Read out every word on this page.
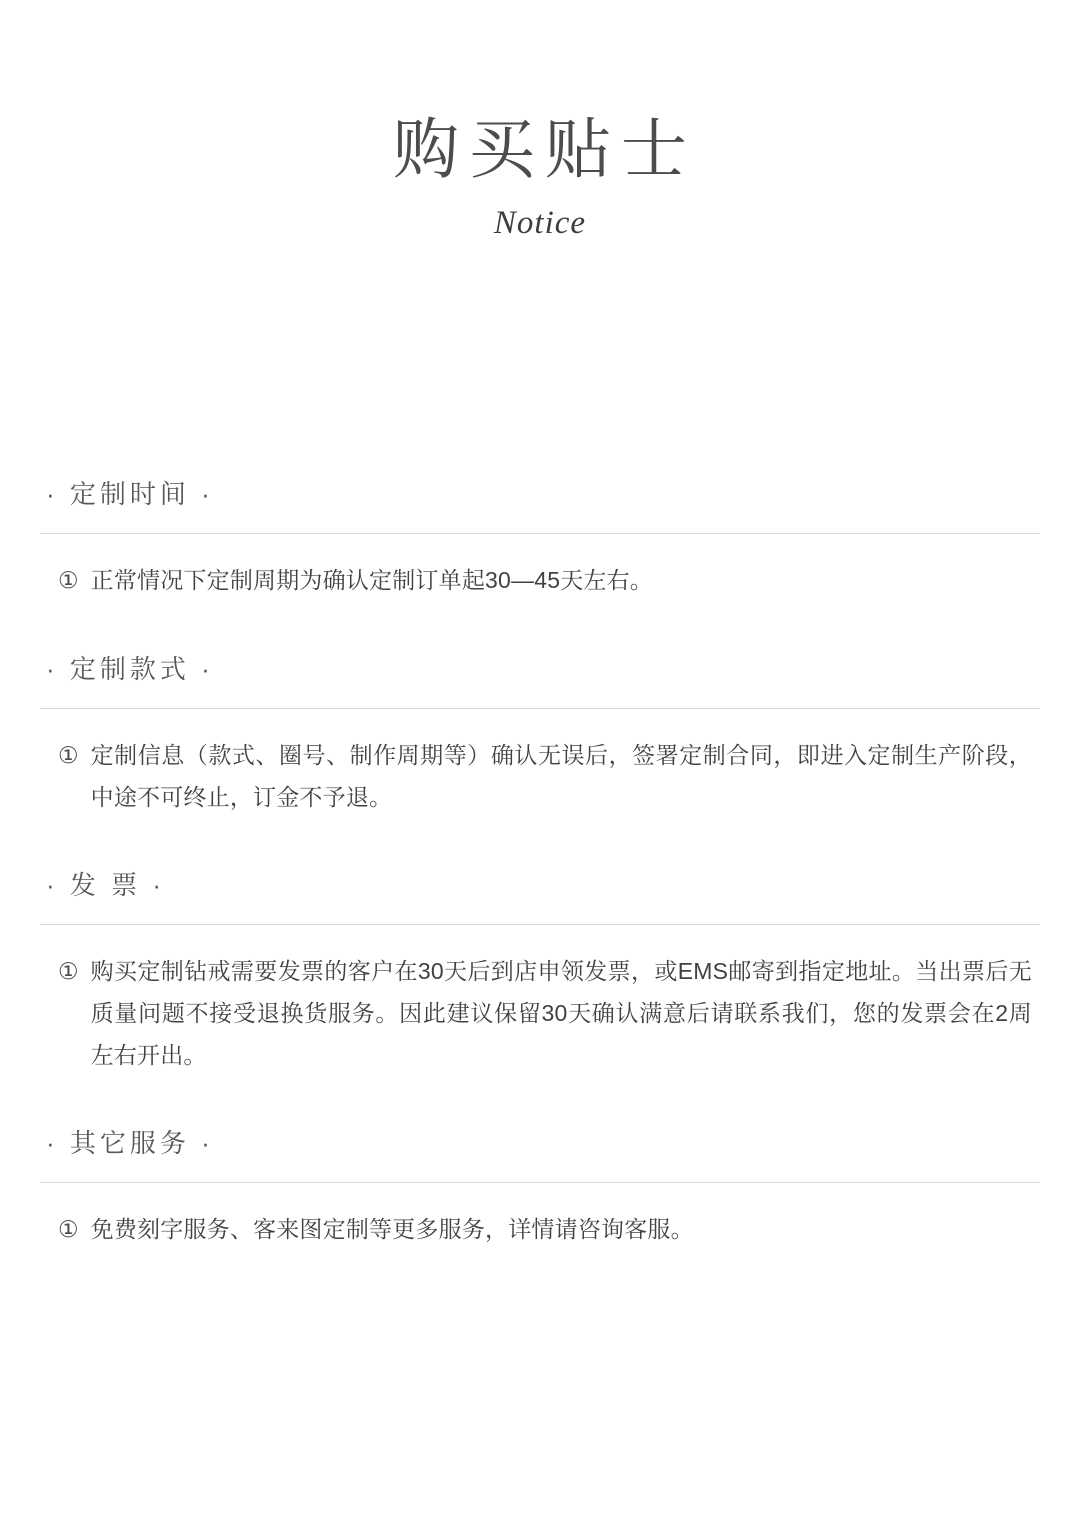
购买贴士
Notice
· 定制时间 ·
① 正常情况下定制周期为确认定制订单起30—45天左右。
· 定制款式 ·
① 定制信息（款式、圈号、制作周期等）确认无误后，签署定制合同，即进入定制生产阶段，中途不可终止，订金不予退。
· 发 票 ·
① 购买定制钻戒需要发票的客户在30天后到店申领发票，或EMS邮寄到指定地址。当出票后无质量问题不接受退换货服务。因此建议保留30天确认满意后请联系我们，您的发票会在2周左右开出。
· 其它服务 ·
① 免费刻字服务、客来图定制等更多服务，详情请咨询客服。
